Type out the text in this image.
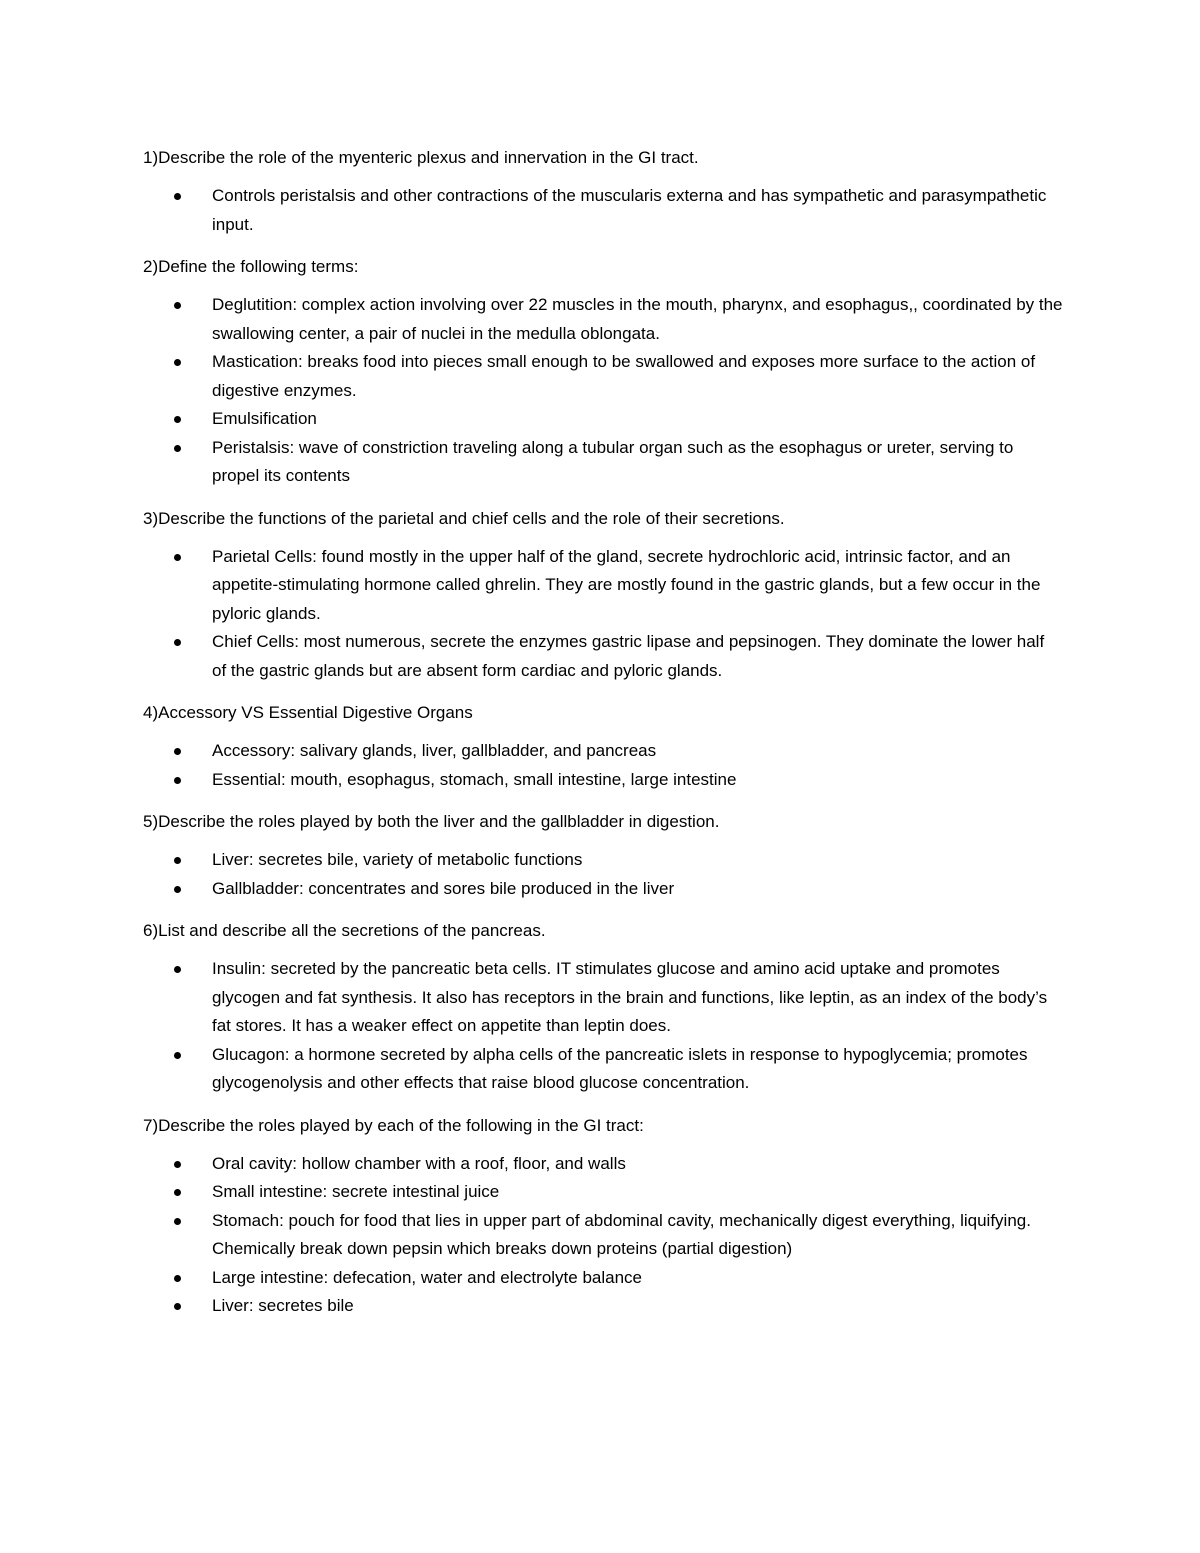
1)Describe the role of the myenteric plexus and innervation in the GI tract.

Controls peristalsis and other contractions of the muscularis externa and has sympathetic and parasympathetic input.

2)Define the following terms:

Deglutition: complex action involving over 22 muscles in the mouth, pharynx, and esophagus,, coordinated by the swallowing center, a pair of nuclei in the medulla oblongata.
Mastication: breaks food into pieces small enough to be swallowed and exposes more surface to the action of digestive enzymes.
Emulsification
Peristalsis: wave of constriction traveling along a tubular organ such as the esophagus or ureter, serving to propel its contents

3)Describe the functions of the parietal and chief cells and the role of their secretions.

Parietal Cells: found mostly in the upper half of the gland, secrete hydrochloric acid, intrinsic factor, and an appetite-stimulating hormone called ghrelin. They are mostly found in the gastric glands, but a few occur in the pyloric glands.
Chief Cells: most numerous, secrete the enzymes gastric lipase and pepsinogen. They dominate the lower half of the gastric glands but are absent form cardiac and pyloric glands.

4)Accessory VS Essential Digestive Organs

Accessory: salivary glands, liver, gallbladder, and pancreas
Essential: mouth, esophagus, stomach, small intestine, large intestine

5)Describe the roles played by both the liver and the gallbladder in digestion.

Liver: secretes bile, variety of metabolic functions
Gallbladder: concentrates and sores bile produced in the liver

6)List and describe all the secretions of the pancreas.

Insulin: secreted by the pancreatic beta cells. IT stimulates glucose and amino acid uptake and promotes glycogen and fat synthesis. It also has receptors in the brain and functions, like leptin, as an index of the body’s fat stores. It has a weaker effect on appetite than leptin does.
Glucagon: a hormone secreted by alpha cells of the pancreatic islets in response to hypoglycemia; promotes glycogenolysis and other effects that raise blood glucose concentration.

7)Describe the roles played by each of the following in the GI tract:

Oral cavity: hollow chamber with a roof, floor, and walls
Small intestine: secrete intestinal juice
Stomach: pouch for food that lies in upper part of abdominal cavity, mechanically digest everything, liquifying. Chemically break down pepsin which breaks down proteins (partial digestion)
Large intestine: defecation, water and electrolyte balance
Liver: secretes bile
